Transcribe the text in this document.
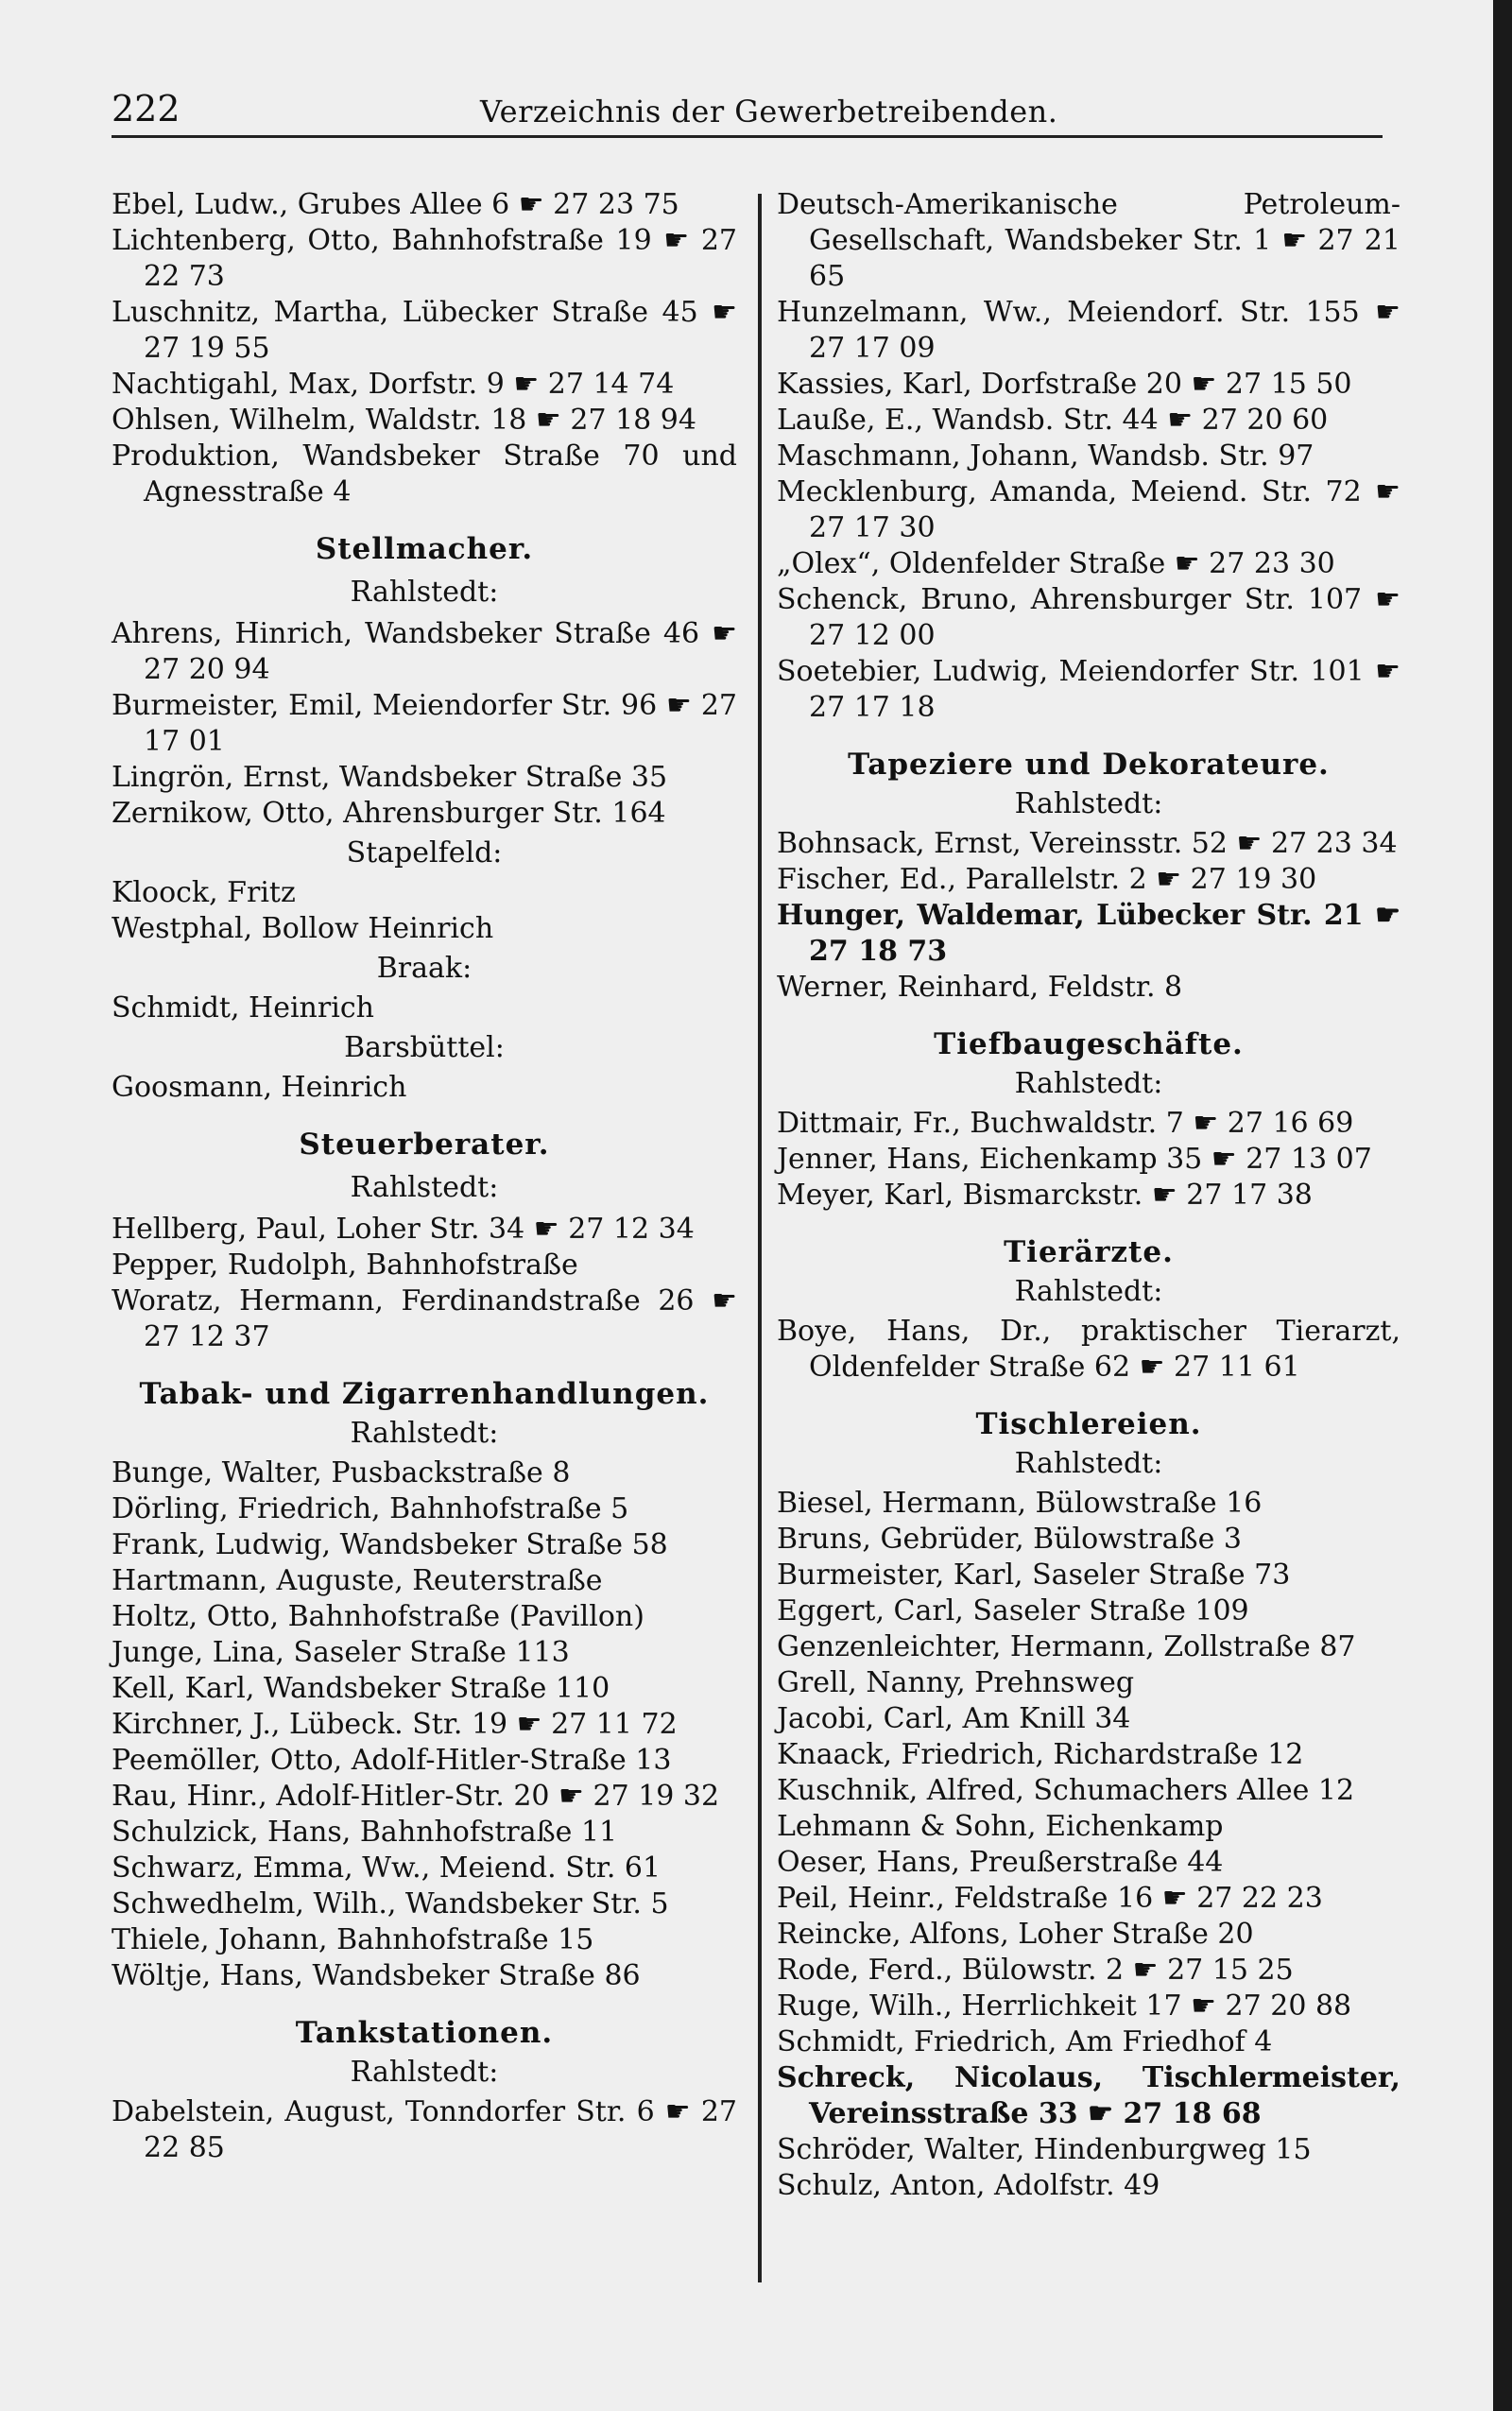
222	Verzeichnis der Gewerbetreibenden.

Ebel, Ludw., Grubes Allee 6 ☛ 27 23 75

Lichtenberg, Otto, Bahnhofstraße 19 ☛ 27 22 73

Luschnitz, Martha, Lübecker Straße 45 ☛ 27 19 55

Nachtigahl, Max, Dorfstr. 9 ☛ 27 14 74

Ohlsen, Wilhelm, Waldstr. 18 ☛ 27 18 94

Produktion, Wandsbeker Straße 70 und Agnesstraße 4

Stellmacher.
Rahlstedt:

Ahrens, Hinrich, Wandsbeker Straße 46 ☛ 27 20 94

Burmeister, Emil, Meiendorfer Str. 96 ☛ 27 17 01

Lingrön, Ernst, Wandsbeker Straße 35

Zernikow, Otto, Ahrensburger Str. 164

Stapelfeld:

Kloock, Fritz

Westphal, Bollow Heinrich

Braak:

Schmidt, Heinrich

Barsbüttel:

Goosmann, Heinrich

Steuerberater.
Rahlstedt:

Hellberg, Paul, Loher Str. 34 ☛ 27 12 34

Pepper, Rudolph, Bahnhofstraße

Woratz, Hermann, Ferdinandstraße 26 ☛ 27 12 37

Tabak- und Zigarrenhandlungen.
Rahlstedt:

Bunge, Walter, Pusbackstraße 8

Dörling, Friedrich, Bahnhofstraße 5

Frank, Ludwig, Wandsbeker Straße 58

Hartmann, Auguste, Reuterstraße

Holtz, Otto, Bahnhofstraße (Pavillon)

Junge, Lina, Saseler Straße 113

Kell, Karl, Wandsbeker Straße 110

Kirchner, J., Lübeck. Str. 19 ☛ 27 11 72

Peemöller, Otto, Adolf-Hitler-Straße 13

Rau, Hinr., Adolf-Hitler-Str. 20 ☛ 27 19 32

Schulzick, Hans, Bahnhofstraße 11

Schwarz, Emma, Ww., Meiend. Str. 61

Schwedhelm, Wilh., Wandsbeker Str. 5

Thiele, Johann, Bahnhofstraße 15

Wöltje, Hans, Wandsbeker Straße 86

Tankstationen.
Rahlstedt:

Dabelstein, August, Tonndorfer Str. 6 ☛ 27 22 85

Deutsch-Amerikanische Petroleum-Gesellschaft, Wandsbeker Str. 1 ☛ 27 21 65

Hunzelmann, Ww., Meiendorf. Str. 155 ☛ 27 17 09

Kassies, Karl, Dorfstraße 20 ☛ 27 15 50

Lauße, E., Wandsb. Str. 44 ☛ 27 20 60

Maschmann, Johann, Wandsb. Str. 97

Mecklenburg, Amanda, Meiend. Str. 72 ☛ 27 17 30

„Olex“, Oldenfelder Straße ☛ 27 23 30

Schenck, Bruno, Ahrensburger Str. 107 ☛ 27 12 00

Soetebier, Ludwig, Meiendorfer Str. 101 ☛ 27 17 18

Tapeziere und Dekorateure.
Rahlstedt:

Bohnsack, Ernst, Vereinsstr. 52 ☛ 27 23 34

Fischer, Ed., Parallelstr. 2 ☛ 27 19 30

Hunger, Waldemar, Lübecker Str. 21 ☛ 27 18 73

Werner, Reinhard, Feldstr. 8

Tiefbaugeschäfte.
Rahlstedt:

Dittmair, Fr., Buchwaldstr. 7 ☛ 27 16 69

Jenner, Hans, Eichenkamp 35 ☛ 27 13 07

Meyer, Karl, Bismarckstr. ☛ 27 17 38

Tierärzte.
Rahlstedt:

Boye, Hans, Dr., praktischer Tierarzt, Oldenfelder Straße 62 ☛ 27 11 61

Tischlereien.
Rahlstedt:

Biesel, Hermann, Bülowstraße 16

Bruns, Gebrüder, Bülowstraße 3

Burmeister, Karl, Saseler Straße 73

Eggert, Carl, Saseler Straße 109

Genzenleichter, Hermann, Zollstraße 87

Grell, Nanny, Prehnsweg

Jacobi, Carl, Am Knill 34

Knaack, Friedrich, Richardstraße 12

Kuschnik, Alfred, Schumachers Allee 12

Lehmann & Sohn, Eichenkamp

Oeser, Hans, Preußerstraße 44

Peil, Heinr., Feldstraße 16 ☛ 27 22 23

Reincke, Alfons, Loher Straße 20

Rode, Ferd., Bülowstr. 2 ☛ 27 15 25

Ruge, Wilh., Herrlichkeit 17 ☛ 27 20 88

Schmidt, Friedrich, Am Friedhof 4

Schreck, Nicolaus, Tischlermeister, Vereinsstraße 33 ☛ 27 18 68

Schröder, Walter, Hindenburgweg 15

Schulz, Anton, Adolfstr. 49
